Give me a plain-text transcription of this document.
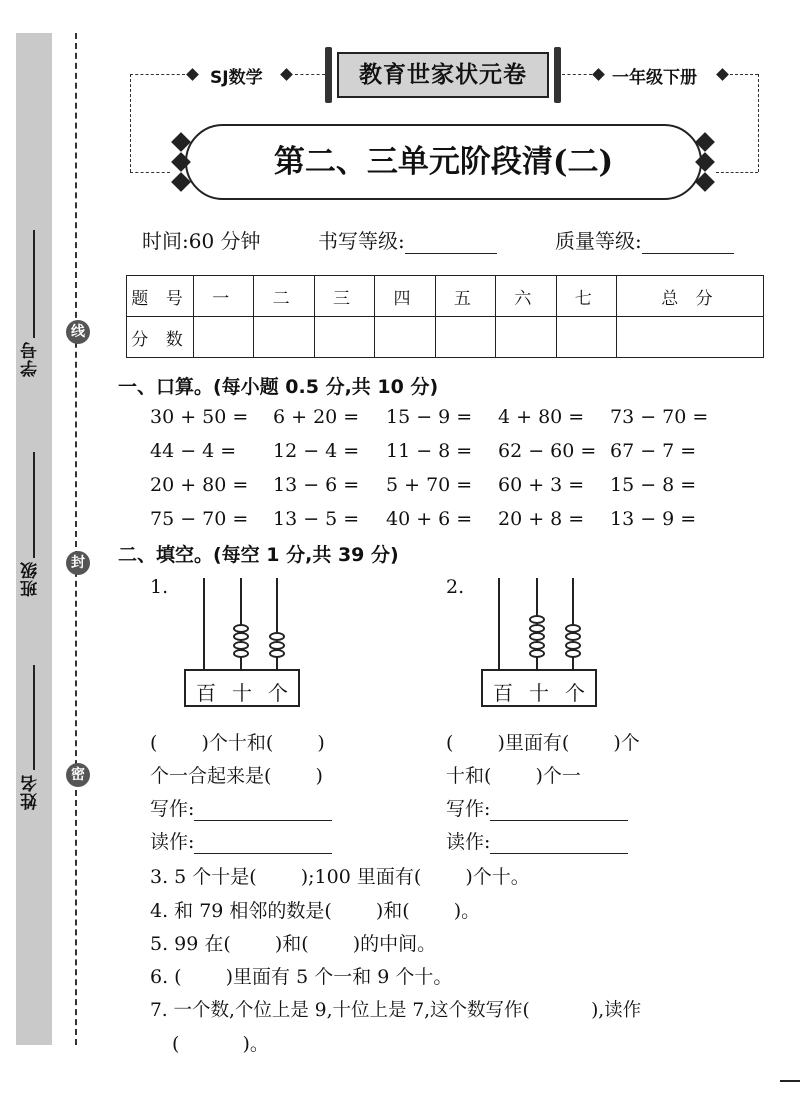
学号
班级
姓名
线
封
密
SJ数学	教育世家状元卷	一年级下册
第二、三单元阶段清(二)
时间:60 分钟	书写等级:	质量等级:
题 号	一	二	三	四	五	六	七	总 分
分 数								
一、口算。(每小题 0.5 分,共 10 分)
30 + 50 = 6 + 20 = 15 − 9 = 4 + 80 = 73 − 70 =
44 − 4 = 12 − 4 = 11 − 8 = 62 − 60 = 67 − 7 =
20 + 80 = 13 − 6 = 5 + 70 = 60 + 3 = 15 − 8 =
75 − 70 = 13 − 5 = 40 + 6 = 20 + 8 = 13 − 9 =
二、填空。(每空 1 分,共 39 分)
1.	2.
百 十 个	百 十 个
(　　 )个十和(　　 )
个一合起来是(　　 )
写作:
读作:
(　　 )里面有(　　 )个
十和(　　 )个一
写作:
读作:
3. 5 个十是(　　 );100 里面有(　　 )个十。
4. 和 79 相邻的数是(　　 )和(　　 )。
5. 99 在(　　 )和(　　 )的中间。
6. (　　 )里面有 5 个一和 9 个十。
7. 一个数,个位上是 9,十位上是 7,这个数写作(　　　 ),读作
(　　　 )。
